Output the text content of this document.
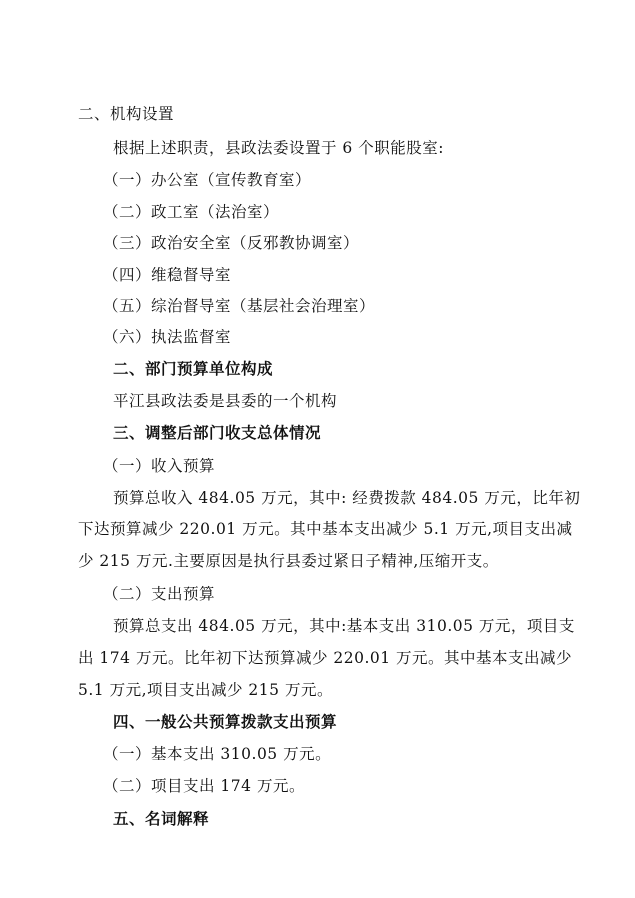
二、机构设置
根据上述职责，县政法委设置于 6 个职能股室:
（一）办公室（宣传教育室）
（二）政工室（法治室）
（三）政治安全室（反邪教协调室）
（四）维稳督导室
（五）综治督导室（基层社会治理室）
（六）执法监督室
二、部门预算单位构成
平江县政法委是县委的一个机构
三、调整后部门收支总体情况
（一）收入预算
预算总收入 484.05 万元，其中: 经费拨款 484.05 万元，比年初
下达预算减少 220.01 万元。其中基本支出减少 5.1 万元,项目支出减
少 215 万元.主要原因是执行县委过紧日子精神,压缩开支。
（二）支出预算
预算总支出 484.05 万元，其中:基本支出 310.05 万元，项目支
出 174 万元。比年初下达预算减少 220.01 万元。其中基本支出减少
5.1 万元,项目支出减少 215 万元。
四、一般公共预算拨款支出预算
（一）基本支出 310.05 万元。
（二）项目支出 174 万元。
五、名词解释
